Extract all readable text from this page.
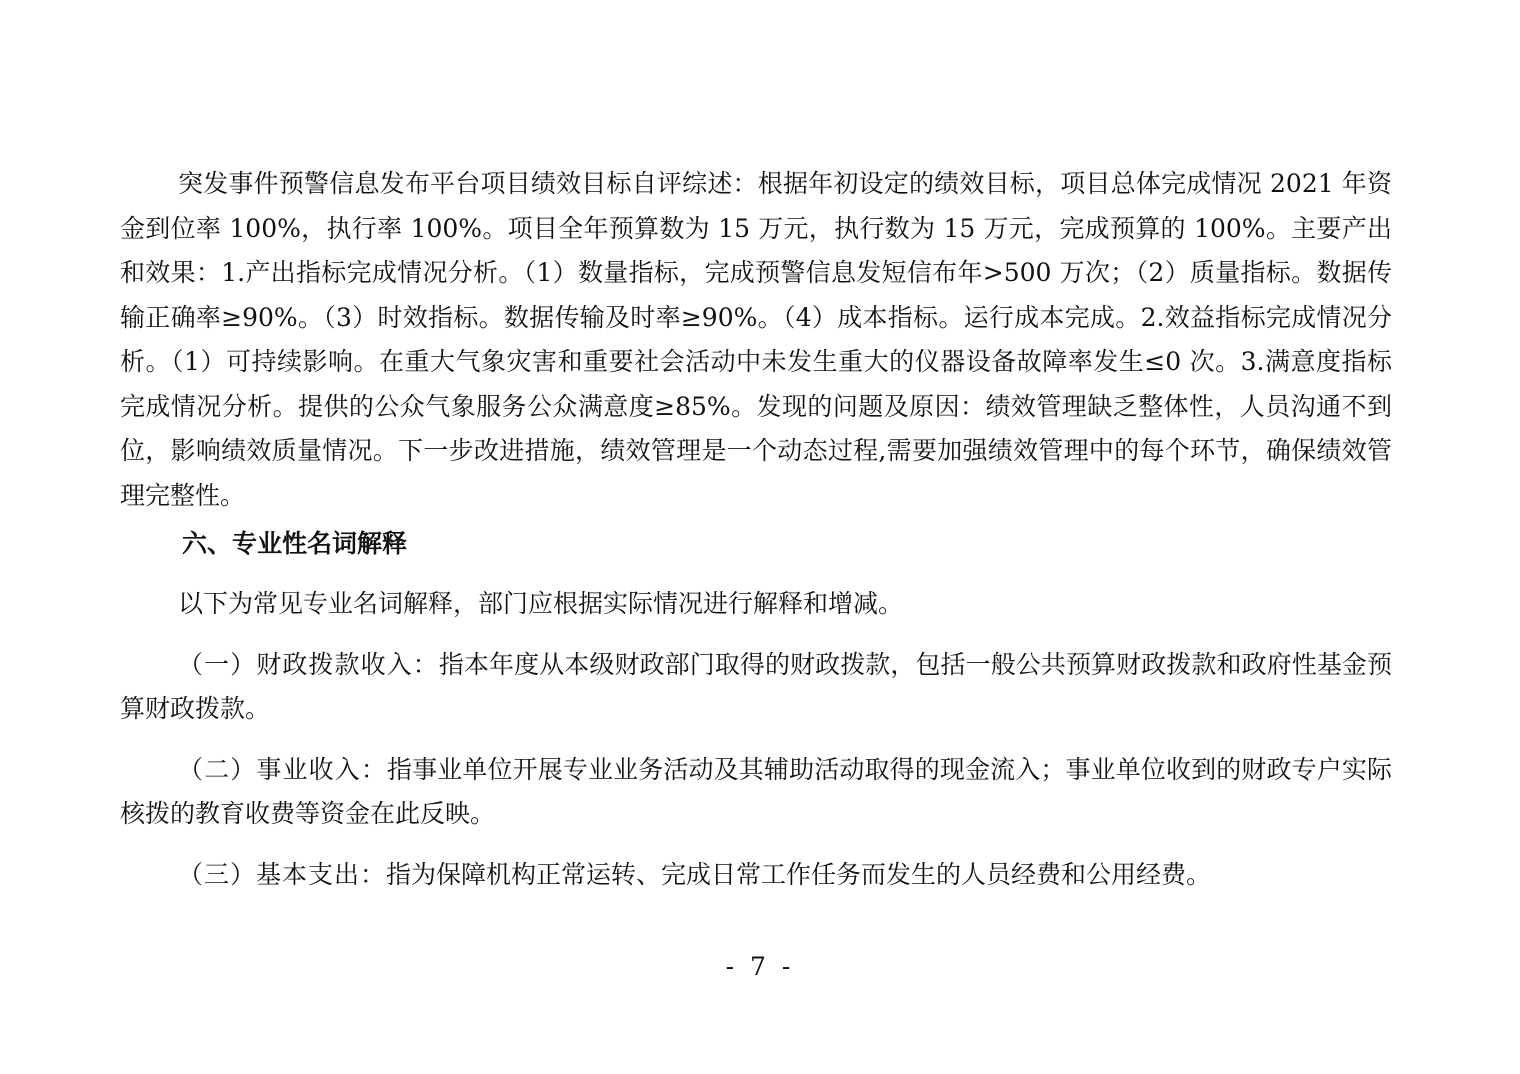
突发事件预警信息发布平台项目绩效目标自评综述：根据年初设定的绩效目标，项目总体完成情况 2021 年资金到位率 100%，执行率 100%。项目全年预算数为 15 万元，执行数为 15 万元，完成预算的 100%。主要产出和效果：1.产出指标完成情况分析。（1）数量指标，完成预警信息发短信布年>500 万次；（2）质量指标。数据传输正确率≥90%。（3）时效指标。数据传输及时率≥90%。（4）成本指标。运行成本完成。2.效益指标完成情况分析。（1）可持续影响。在重大气象灾害和重要社会活动中未发生重大的仪器设备故障率发生≤0 次。3.满意度指标完成情况分析。提供的公众气象服务公众满意度≥85%。发现的问题及原因：绩效管理缺乏整体性，人员沟通不到位，影响绩效质量情况。下一步改进措施，绩效管理是一个动态过程,需要加强绩效管理中的每个环节，确保绩效管理完整性。

六、专业性名词解释

以下为常见专业名词解释，部门应根据实际情况进行解释和增减。

（一）财政拨款收入：指本年度从本级财政部门取得的财政拨款，包括一般公共预算财政拨款和政府性基金预算财政拨款。

（二）事业收入：指事业单位开展专业业务活动及其辅助活动取得的现金流入；事业单位收到的财政专户实际核拨的教育收费等资金在此反映。

（三）基本支出：指为保障机构正常运转、完成日常工作任务而发生的人员经费和公用经费。

- 7 -
